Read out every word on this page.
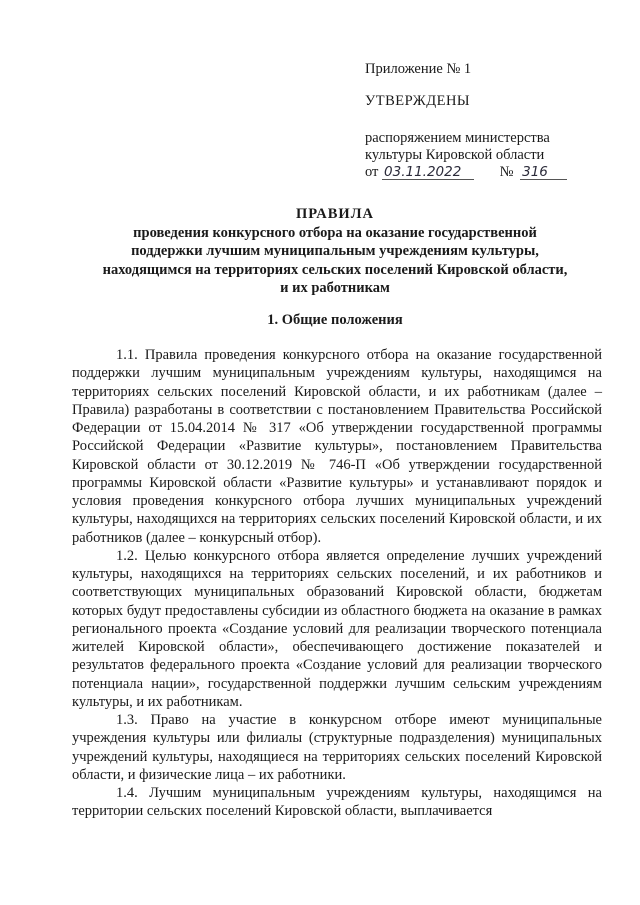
Приложение № 1

УТВЕРЖДЕНЫ

распоряжением министерства

культуры Кировской области

от 03.11.2022	№ 316

ПРАВИЛА
проведения конкурсного отбора на оказание государственной
поддержки лучшим муниципальным учреждениям культуры,
находящимся на территориях сельских поселений Кировской области,
и их работникам
1. Общие положения

1.1. Правила проведения конкурсного отбора на оказание государственной поддержки лучшим муниципальным учреждениям культуры, находящимся на территориях сельских поселений Кировской области, и их работникам (далее – Правила) разработаны в соответствии с постановлением Правительства Российской Федерации от 15.04.2014 № 317 «Об утверждении государственной программы Российской Федерации «Развитие культуры», постановлением Правительства Кировской области от 30.12.2019 № 746-П «Об утверждении государственной программы Кировской области «Развитие культуры» и устанавливают порядок и условия проведения конкурсного отбора лучших муниципальных учреждений культуры, находящихся на территориях сельских поселений Кировской области, и их работников (далее – конкурсный отбор).

1.2. Целью конкурсного отбора является определение лучших учреждений культуры, находящихся на территориях сельских поселений, и их работников и соответствующих муниципальных образований Кировской области, бюджетам которых будут предоставлены субсидии из областного бюджета на оказание в рамках регионального проекта «Создание условий для реализации творческого потенциала жителей Кировской области», обеспечивающего достижение показателей и результатов федерального проекта «Создание условий для реализации творческого потенциала нации», государственной поддержки лучшим сельским учреждениям культуры, и их работникам.

1.3. Право на участие в конкурсном отборе имеют муниципальные учреждения культуры или филиалы (структурные подразделения) муниципальных учреждений культуры, находящиеся на территориях сельских поселений Кировской области, и физические лица – их работники.

1.4. Лучшим муниципальным учреждениям культуры, находящимся на территории сельских поселений Кировской области, выплачивается
